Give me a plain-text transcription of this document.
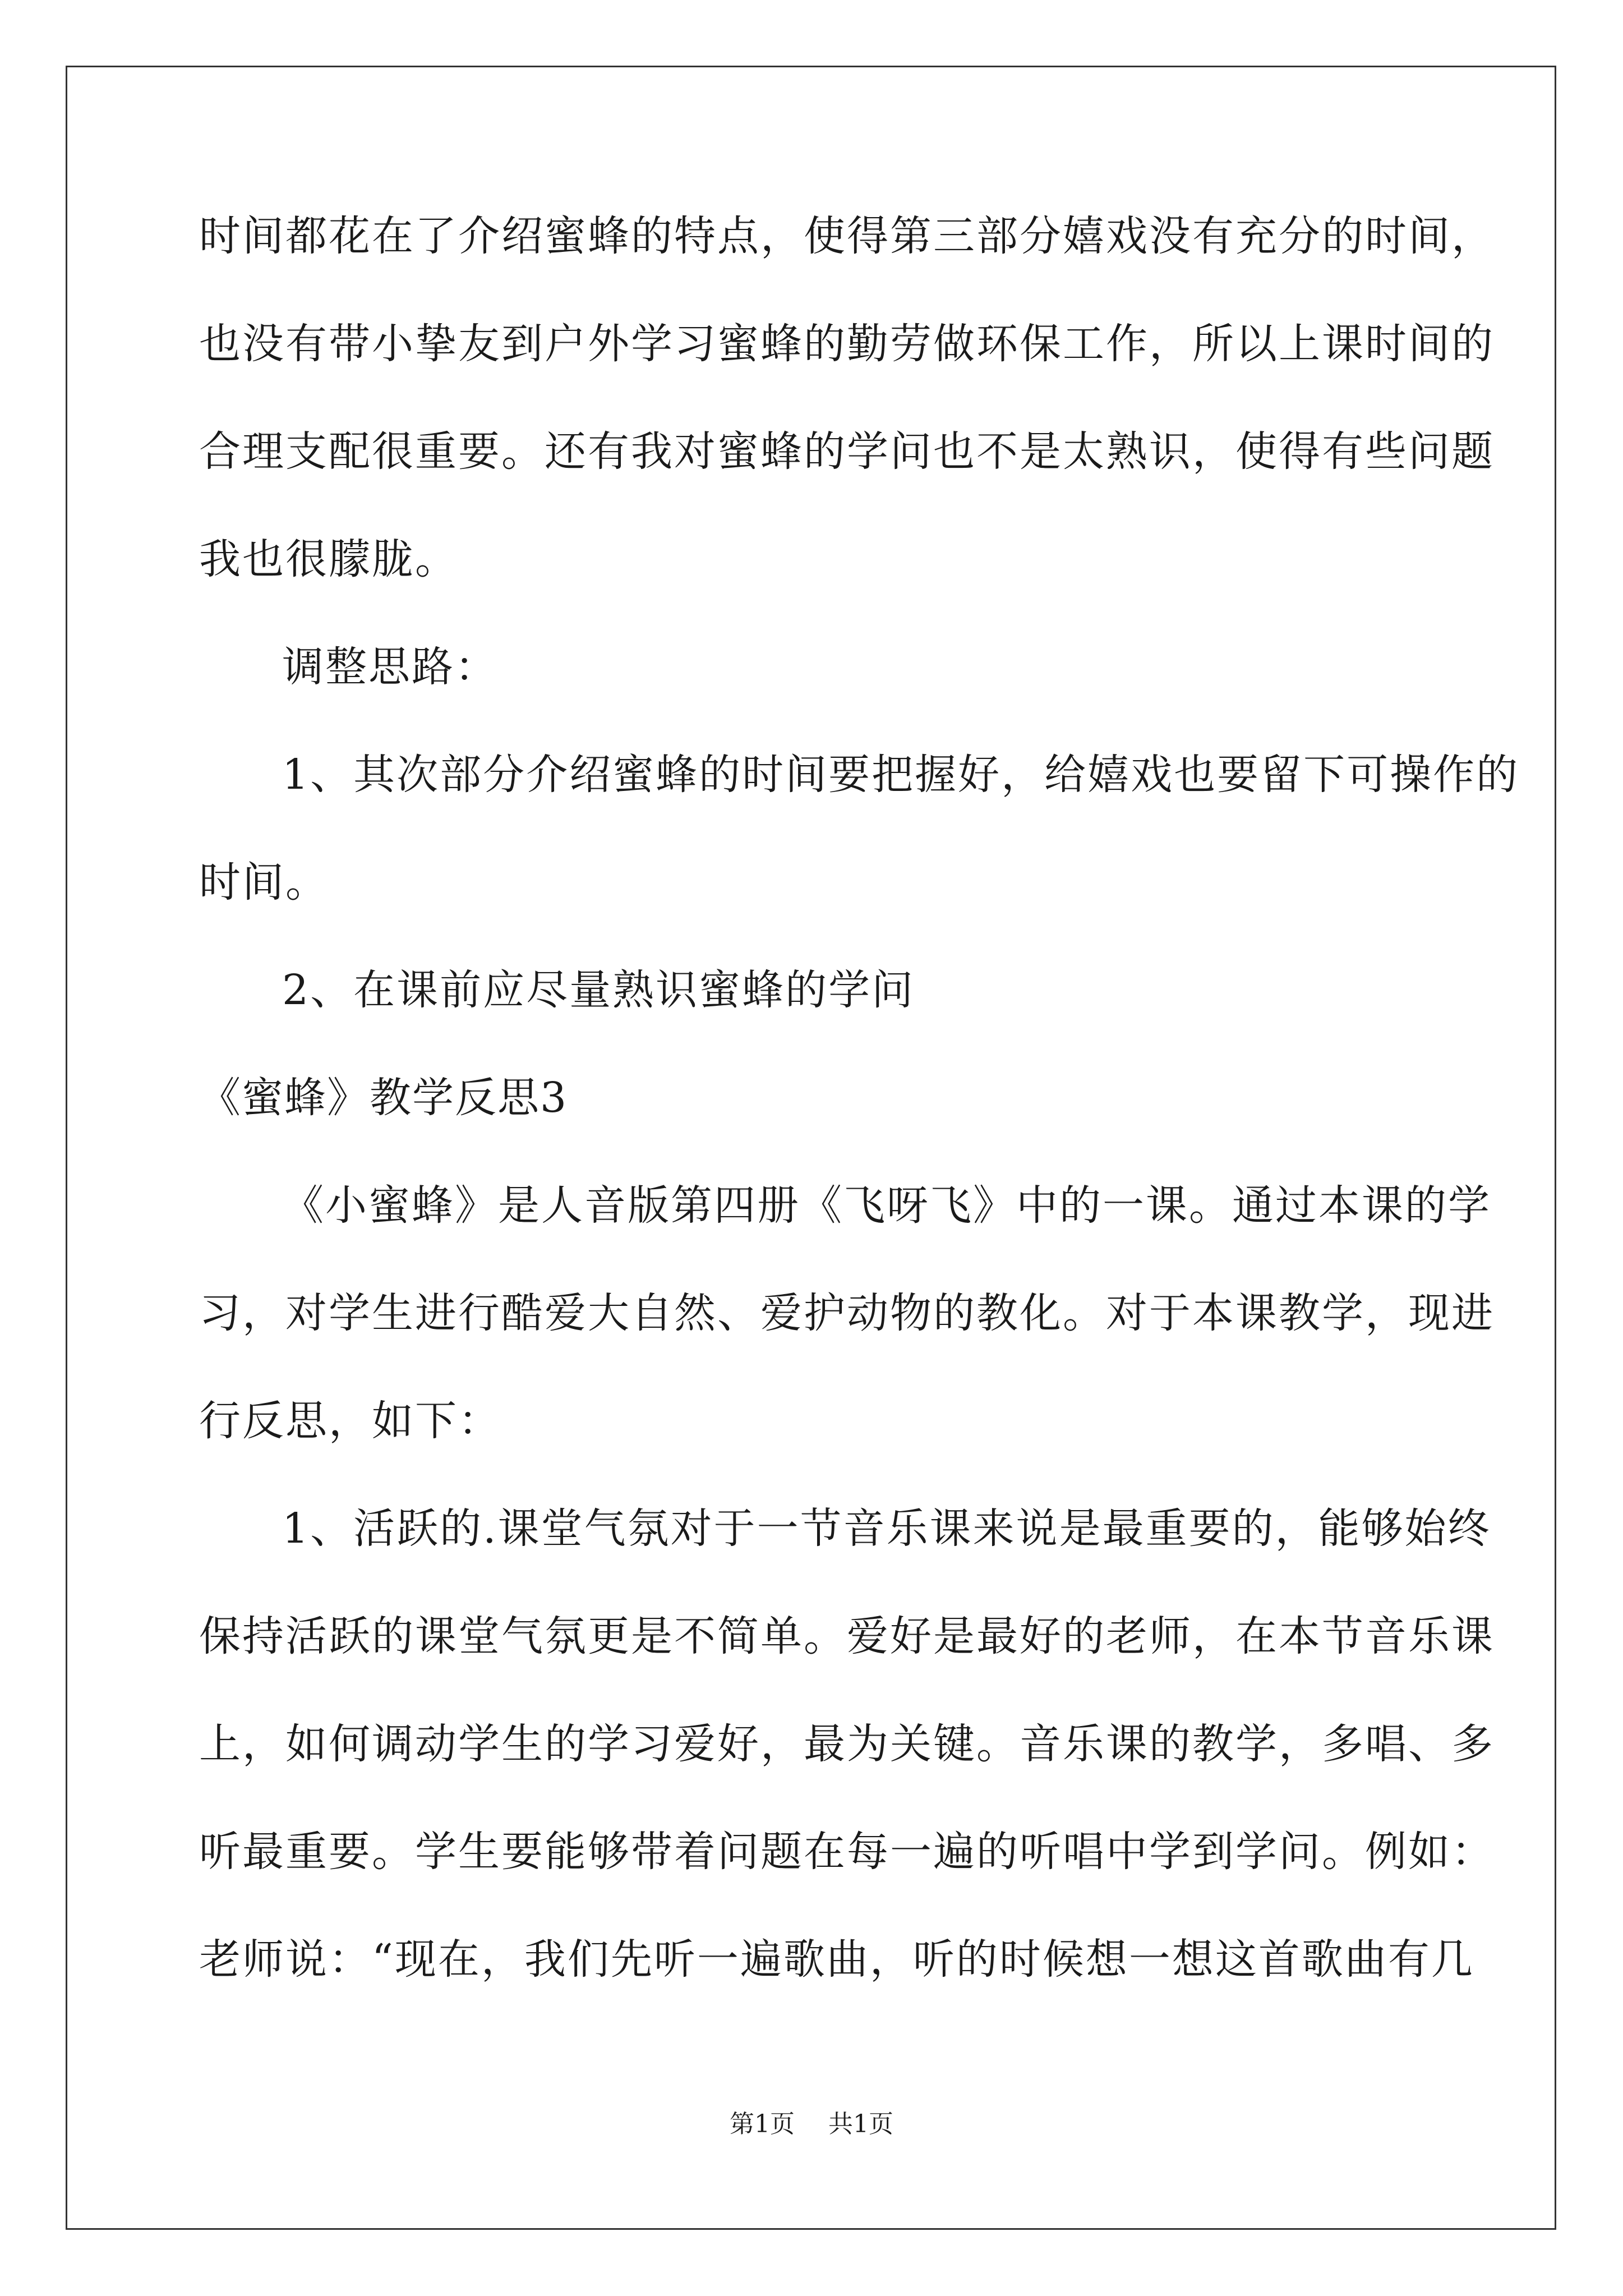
时间都花在了介绍蜜蜂的特点，使得第三部分嬉戏没有充分的时间，
也没有带小挚友到户外学习蜜蜂的勤劳做环保工作，所以上课时间的
合理支配很重要。还有我对蜜蜂的学问也不是太熟识，使得有些问题
我也很朦胧。
调整思路：
1、其次部分介绍蜜蜂的时间要把握好，给嬉戏也要留下可操作的
时间。
2、在课前应尽量熟识蜜蜂的学问
《蜜蜂》教学反思3
《小蜜蜂》是人音版第四册《飞呀飞》中的一课。通过本课的学
习，对学生进行酷爱大自然、爱护动物的教化。对于本课教学，现进
行反思，如下：
1、活跃的.课堂气氛对于一节音乐课来说是最重要的，能够始终
保持活跃的课堂气氛更是不简单。爱好是最好的老师，在本节音乐课
上，如何调动学生的学习爱好，最为关键。音乐课的教学，多唱、多
听最重要。学生要能够带着问题在每一遍的听唱中学到学问。例如：
老师说：“现在，我们先听一遍歌曲，听的时候想一想这首歌曲有几
第1页 共1页
